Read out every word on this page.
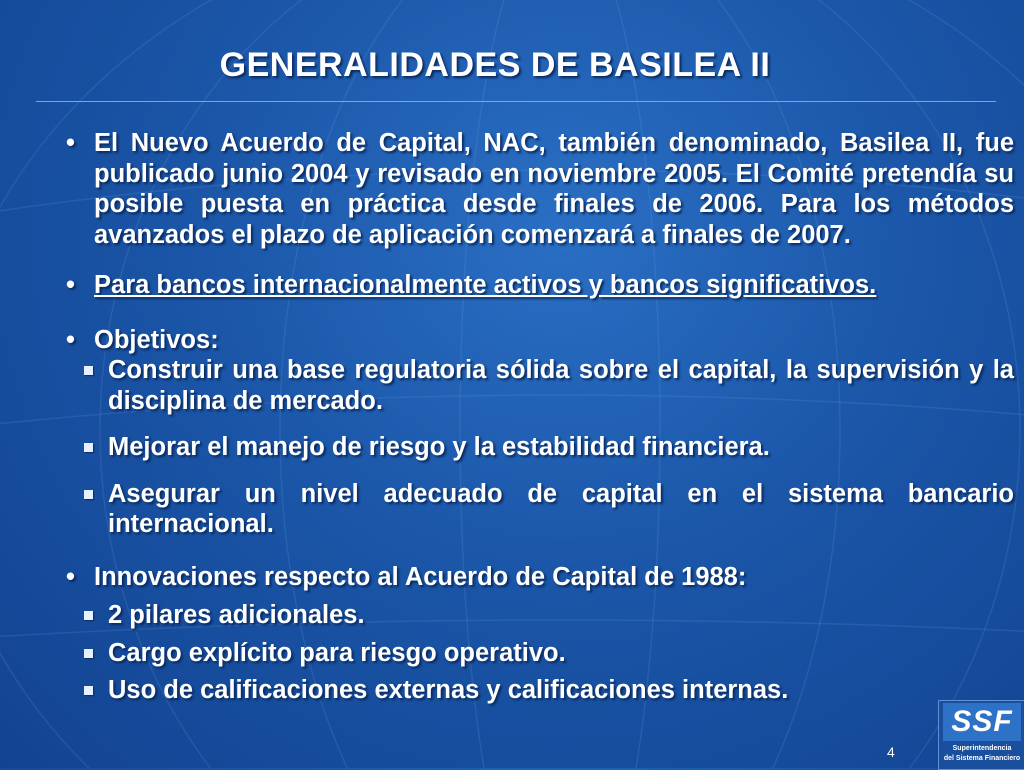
GENERALIDADES DE BASILEA II
• El Nuevo Acuerdo de Capital, NAC, también denominado, Basilea II, fue publicado junio 2004 y revisado en noviembre 2005. El Comité pretendía su posible puesta en práctica desde finales de 2006. Para los métodos avanzados el plazo de aplicación comenzará a finales de 2007.
• Para bancos internacionalmente activos y bancos significativos.
• Objetivos:
Construir una base regulatoria sólida sobre el capital, la supervisión y la disciplina de mercado.
Mejorar el manejo de riesgo y la estabilidad financiera.
Asegurar un nivel adecuado de capital en el sistema bancario internacional.
• Innovaciones respecto al Acuerdo de Capital de 1988:
2 pilares adicionales.
Cargo explícito para riesgo operativo.
Uso de calificaciones externas y calificaciones internas.
SSF
Superintendencia
del Sistema Financiero
4
